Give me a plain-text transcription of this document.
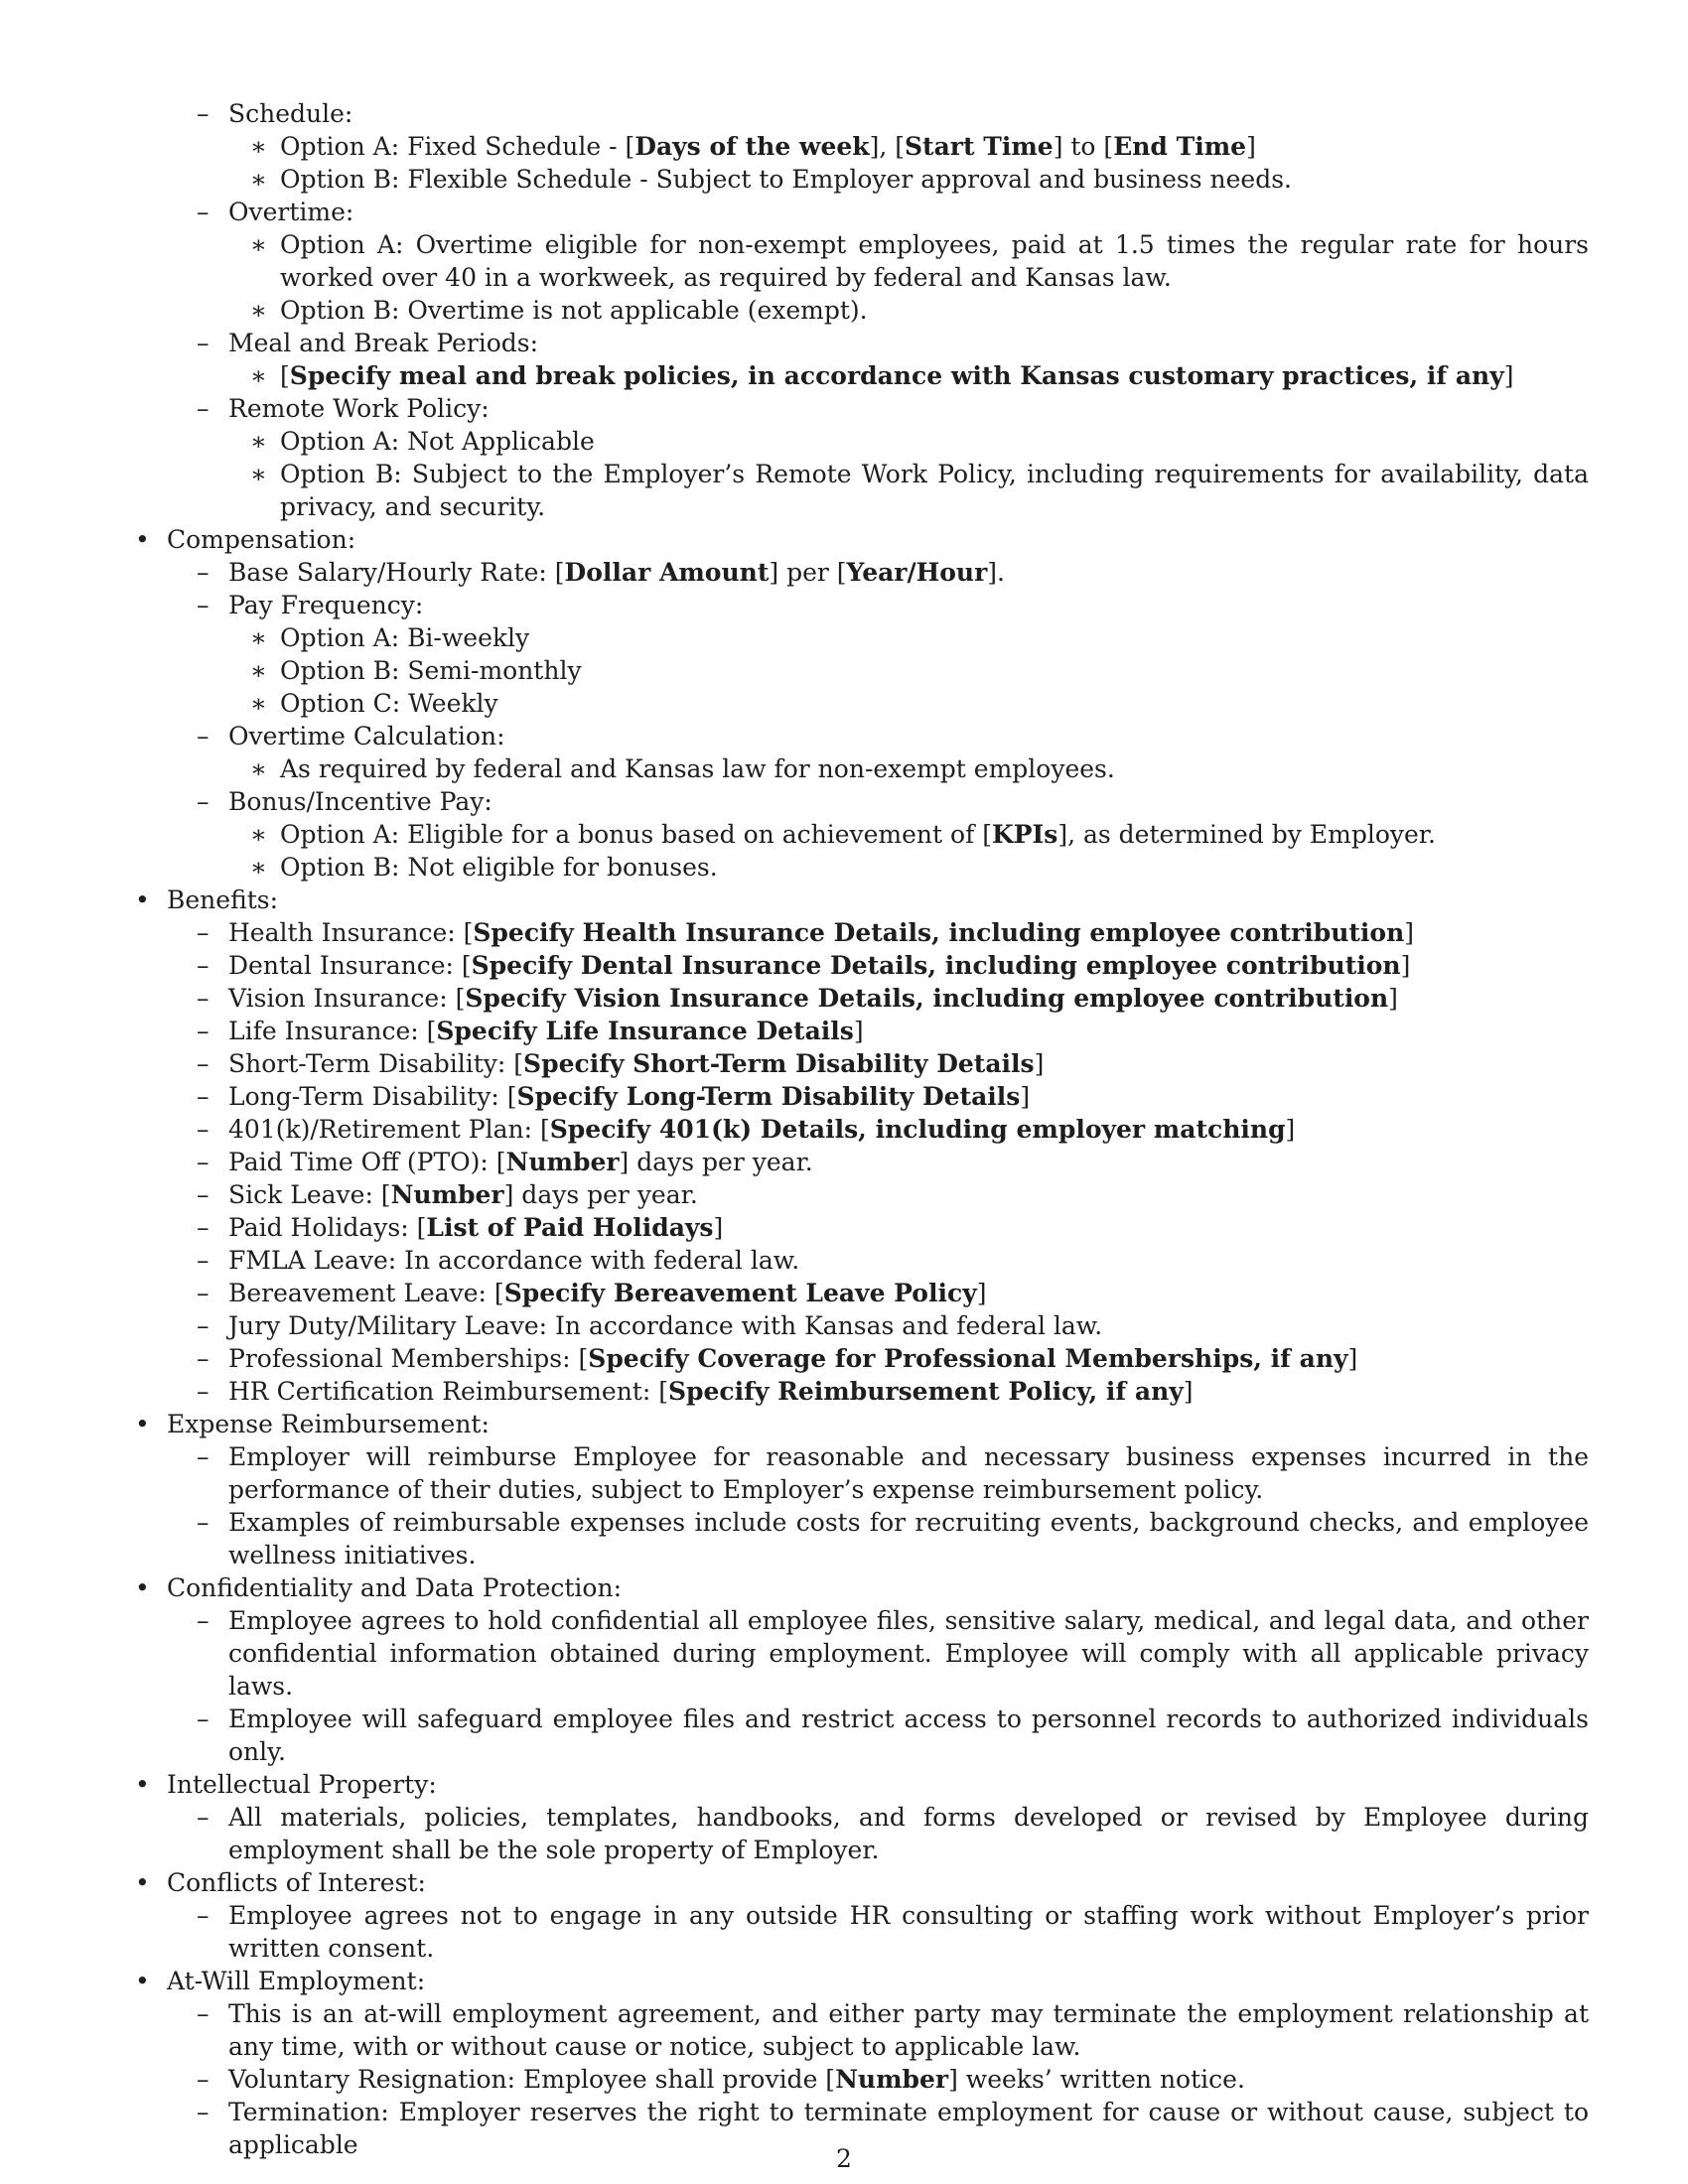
– Schedule:
∗ Option A: Fixed Schedule - [Days of the week], [Start Time] to [End Time]
∗ Option B: Flexible Schedule - Subject to Employer approval and business needs.
– Overtime:
∗ Option A: Overtime eligible for non-exempt employees, paid at 1.5 times the regular rate for hours worked over 40 in a workweek, as required by federal and Kansas law.
∗ Option B: Overtime is not applicable (exempt).
– Meal and Break Periods:
∗ [Specify meal and break policies, in accordance with Kansas customary practices, if any]
– Remote Work Policy:
∗ Option A: Not Applicable
∗ Option B: Subject to the Employer’s Remote Work Policy, including requirements for availability, data privacy, and security.
• Compensation:
– Base Salary/Hourly Rate: [Dollar Amount] per [Year/Hour].
– Pay Frequency:
∗ Option A: Bi-weekly
∗ Option B: Semi-monthly
∗ Option C: Weekly
– Overtime Calculation:
∗ As required by federal and Kansas law for non-exempt employees.
– Bonus/Incentive Pay:
∗ Option A: Eligible for a bonus based on achievement of [KPIs], as determined by Employer.
∗ Option B: Not eligible for bonuses.
• Benefits:
– Health Insurance: [Specify Health Insurance Details, including employee contribution]
– Dental Insurance: [Specify Dental Insurance Details, including employee contribution]
– Vision Insurance: [Specify Vision Insurance Details, including employee contribution]
– Life Insurance: [Specify Life Insurance Details]
– Short-Term Disability: [Specify Short-Term Disability Details]
– Long-Term Disability: [Specify Long-Term Disability Details]
– 401(k)/Retirement Plan: [Specify 401(k) Details, including employer matching]
– Paid Time Off (PTO): [Number] days per year.
– Sick Leave: [Number] days per year.
– Paid Holidays: [List of Paid Holidays]
– FMLA Leave: In accordance with federal law.
– Bereavement Leave: [Specify Bereavement Leave Policy]
– Jury Duty/Military Leave: In accordance with Kansas and federal law.
– Professional Memberships: [Specify Coverage for Professional Memberships, if any]
– HR Certification Reimbursement: [Specify Reimbursement Policy, if any]
• Expense Reimbursement:
– Employer will reimburse Employee for reasonable and necessary business expenses incurred in the performance of their duties, subject to Employer’s expense reimbursement policy.
– Examples of reimbursable expenses include costs for recruiting events, background checks, and employee wellness initiatives.
• Confidentiality and Data Protection:
– Employee agrees to hold confidential all employee files, sensitive salary, medical, and legal data, and other confidential information obtained during employment. Employee will comply with all applicable privacy laws.
– Employee will safeguard employee files and restrict access to personnel records to authorized individuals only.
• Intellectual Property:
– All materials, policies, templates, handbooks, and forms developed or revised by Employee during employment shall be the sole property of Employer.
• Conflicts of Interest:
– Employee agrees not to engage in any outside HR consulting or staffing work without Employer’s prior written consent.
• At-Will Employment:
– This is an at-will employment agreement, and either party may terminate the employment relationship at any time, with or without cause or notice, subject to applicable law.
– Voluntary Resignation: Employee shall provide [Number] weeks’ written notice.
– Termination: Employer reserves the right to terminate employment for cause or without cause, subject to applicable	2
